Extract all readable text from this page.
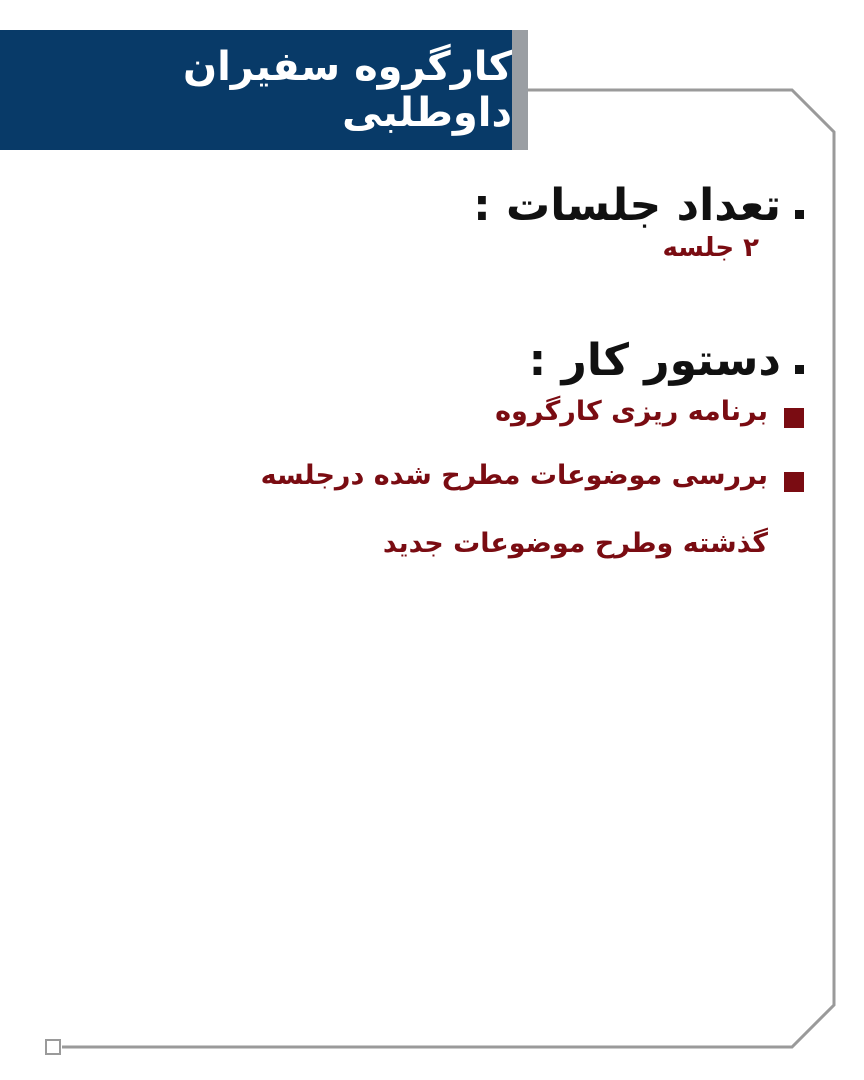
کارگروه سفیران داوطلبی
تعداد جلسات :
۲ جلسه
دستور کار :
برنامه ریزی کارگروه
بررسی موضوعات مطرح شده درجلسه گذشته وطرح موضوعات جدید
